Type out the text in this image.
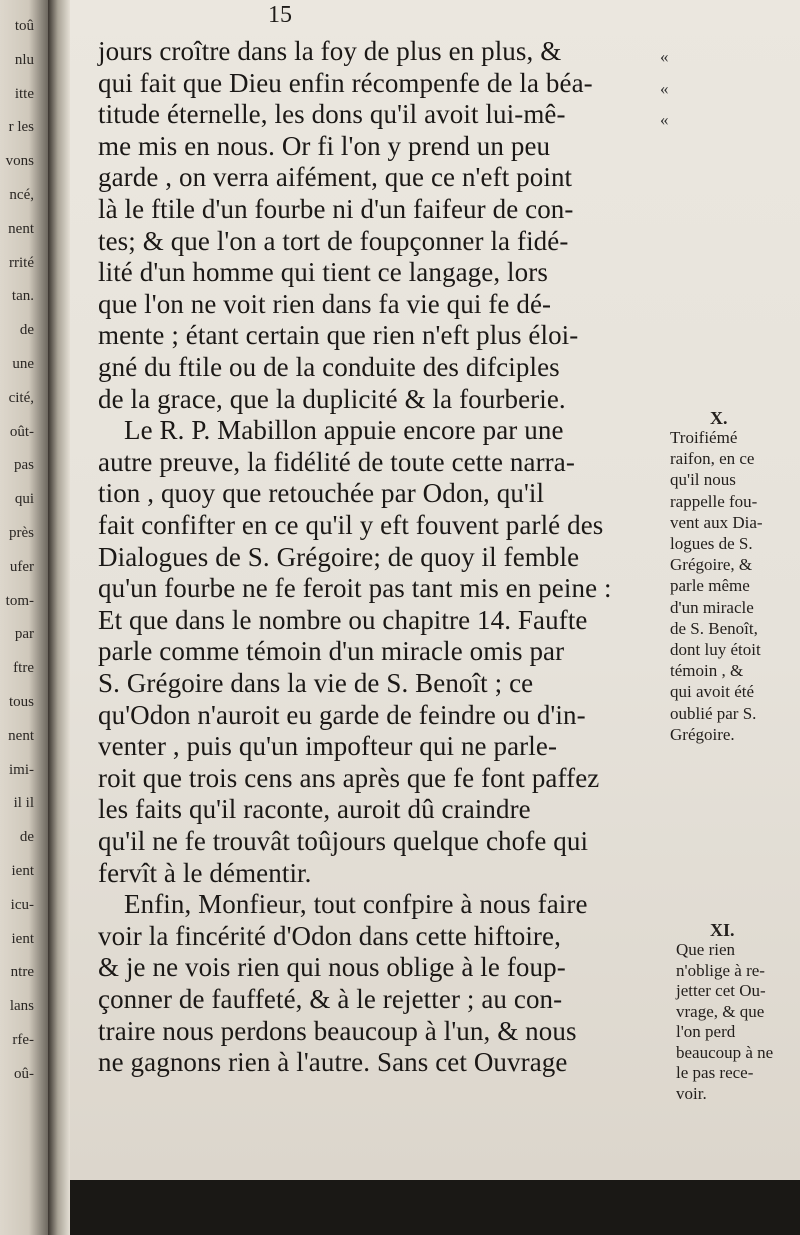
toû
nlu
itte
r les
vons
ncé,
nent
rrité
tan.
de
une
cité,
oût-
pas
qui
près
ufer
tom-
par
ftre
tous
nent
imi-
il il
de
ient
icu-
ient
ntre
lans
rfe-
oû-
15
jours croître dans la foy de plus en plus, &
qui fait que Dieu enfin récompenfe de la béa-
titude éternelle, les dons qu'il avoit lui-mê-
me mis en nous. Or fi l'on y prend un peu
garde , on verra aifément, que ce n'eft point
là le ftile d'un fourbe ni d'un faifeur de con-
tes; & que l'on a tort de foupçonner la fidé-
lité d'un homme qui tient ce langage, lors
que l'on ne voit rien dans fa vie qui fe dé-
mente ; étant certain que rien n'eft plus éloi-
gné du ftile ou de la conduite des difciples
de la grace, que la duplicité & la fourberie.
Le R. P. Mabillon appuie encore par une
autre preuve, la fidélité de toute cette narra-
tion , quoy que retouchée par Odon, qu'il
fait confifter en ce qu'il y eft fouvent parlé des
Dialogues de S. Grégoire; de quoy il femble
qu'un fourbe ne fe feroit pas tant mis en peine :
Et que dans le nombre ou chapitre 14. Faufte
parle comme témoin d'un miracle omis par
S. Grégoire dans la vie de S. Benoît ; ce
qu'Odon n'auroit eu garde de feindre ou d'in-
venter , puis qu'un impofteur qui ne parle-
roit que trois cens ans après que fe font paffez
les faits qu'il raconte, auroit dû craindre
qu'il ne fe trouvât toûjours quelque chofe qui
fervît à le démentir.
Enfin, Monfieur, tout confpire à nous faire
voir la fincérité d'Odon dans cette hiftoire,
& je ne vois rien qui nous oblige à le foup-
çonner de fauffeté, & à le rejetter ; au con-
traire nous perdons beaucoup à l'un, & nous
ne gagnons rien à l'autre. Sans cet Ouvrage
«
«
«
X.
Troifiémé
raifon, en ce
qu'il nous
rappelle fou-
vent aux Dia-
logues de S.
Grégoire, &
parle même
d'un miracle
de S. Benoît,
dont luy étoit
témoin , &
qui avoit été
oublié par S.
Grégoire.
XI.
Que rien
n'oblige à re-
jetter cet Ou-
vrage, & que
l'on perd
beaucoup à ne
le pas rece-
voir.
